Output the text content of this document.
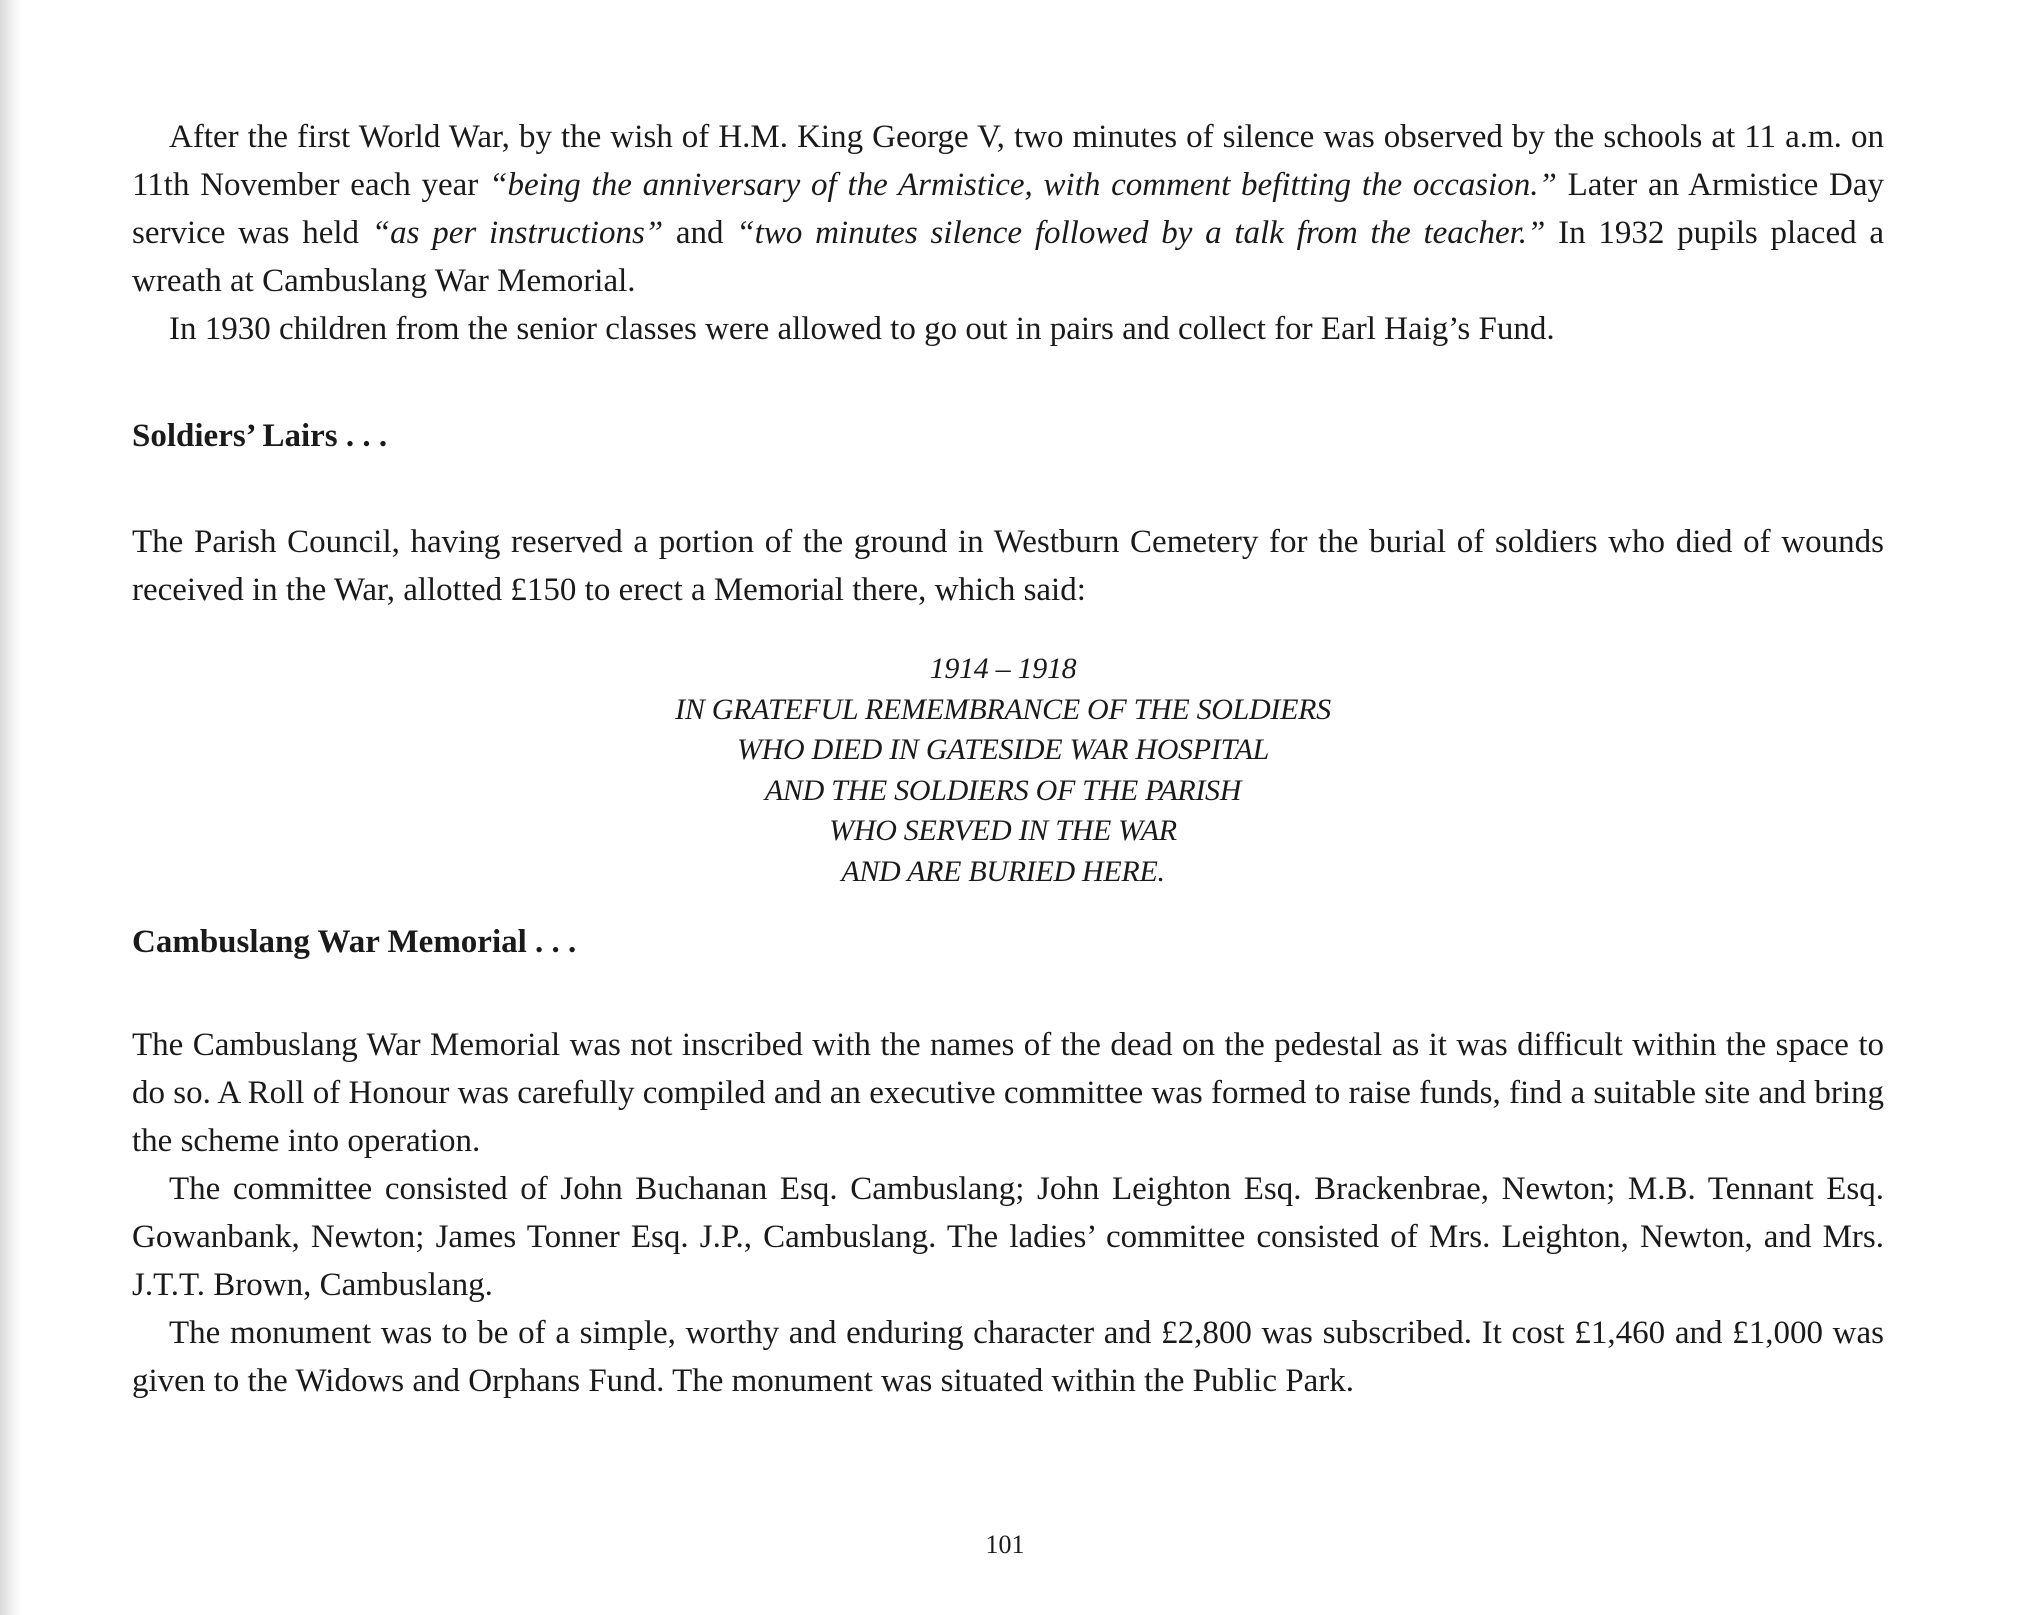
After the first World War, by the wish of H.M. King George V, two minutes of silence was observed by the schools at 11 a.m. on 11th November each year “being the anniversary of the Armistice, with comment befitting the occasion.” Later an Armistice Day service was held “as per instructions” and “two minutes silence followed by a talk from the teacher.” In 1932 pupils placed a wreath at Cambuslang War Memorial.

In 1930 children from the senior classes were allowed to go out in pairs and collect for Earl Haig’s Fund.

Soldiers’ Lairs . . .

The Parish Council, having reserved a portion of the ground in Westburn Cemetery for the burial of soldiers who died of wounds received in the War, allotted £150 to erect a Memorial there, which said:

1914 – 1918
IN GRATEFUL REMEMBRANCE OF THE SOLDIERS
WHO DIED IN GATESIDE WAR HOSPITAL
AND THE SOLDIERS OF THE PARISH
WHO SERVED IN THE WAR
AND ARE BURIED HERE.
Cambuslang War Memorial . . .

The Cambuslang War Memorial was not inscribed with the names of the dead on the pedestal as it was difficult within the space to do so. A Roll of Honour was carefully compiled and an executive committee was formed to raise funds, find a suitable site and bring the scheme into operation.

The committee consisted of John Buchanan Esq. Cambuslang; John Leighton Esq. Brackenbrae, Newton; M.B. Tennant Esq. Gowanbank, Newton; James Tonner Esq. J.P., Cambuslang. The ladies’ committee consisted of Mrs. Leighton, Newton, and Mrs. J.T.T. Brown, Cambuslang.

The monument was to be of a simple, worthy and enduring character and £2,800 was subscribed. It cost £1,460 and £1,000 was given to the Widows and Orphans Fund. The monument was situated within the Public Park.

101
